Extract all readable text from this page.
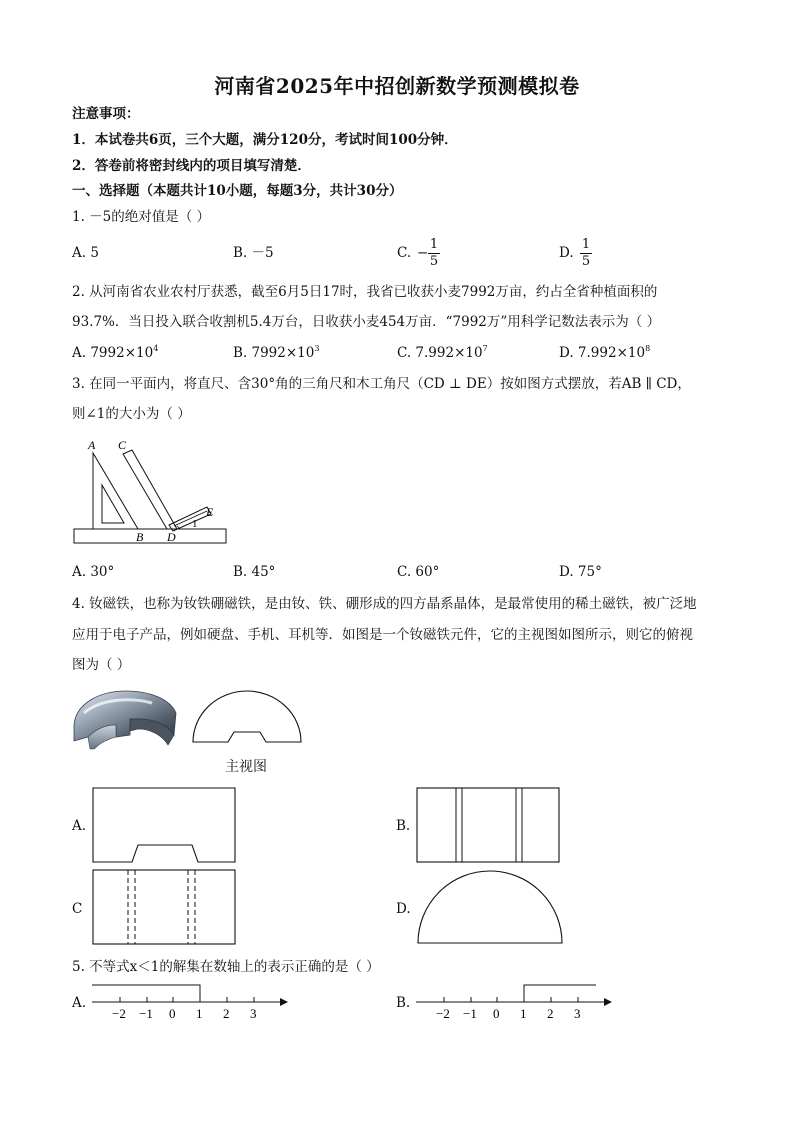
河南省2025年中招创新数学预测模拟卷
注意事项：
1．本试卷共6页，三个大题，满分120分，考试时间100分钟．
2．答卷前将密封线内的项目填写清楚．
一、选择题（本题共计10小题，每题3分，共计30分）
1. －5的绝对值是（ ）
A. 5	B. －5	C. − $\frac{1}{5}$	D. $\frac{1}{5}$
2. 从河南省农业农村厅获悉，截至6月5日17时，我省已收获小麦7992万亩，约占全省种植面积的
93.7%．当日投入联合收割机5.4万台，日收获小麦454万亩．“7992万”用科学记数法表示为（ ）
A. $7992\times 10^4$	B. $7992\times 10^3$	C. $7.992\times 10^7$	D. $7.992\times 10^8$
3. 在同一平面内，将直尺、含30°角的三角尺和木工角尺（CD ⊥ DE）按如图方式摆放，若AB ∥ CD，
则∠1的大小为（ ）
A C
E
1
B D
A. 30°	B. 45°	C. 60°	D. 75°
4. 钕磁铁，也称为钕铁硼磁铁，是由钕、铁、硼形成的四方晶系晶体，是最常使用的稀土磁铁，被广泛地
应用于电子产品，例如硬盘、手机、耳机等．如图是一个钕磁铁元件，它的主视图如图所示，则它的俯视
图为（ ）
主视图
A.	B.
C	D.
5. 不等式x＜1的解集在数轴上的表示正确的是（ ）
A.
−2 −1 0 1 2 3
B.
−2 −1 0 1 2 3
